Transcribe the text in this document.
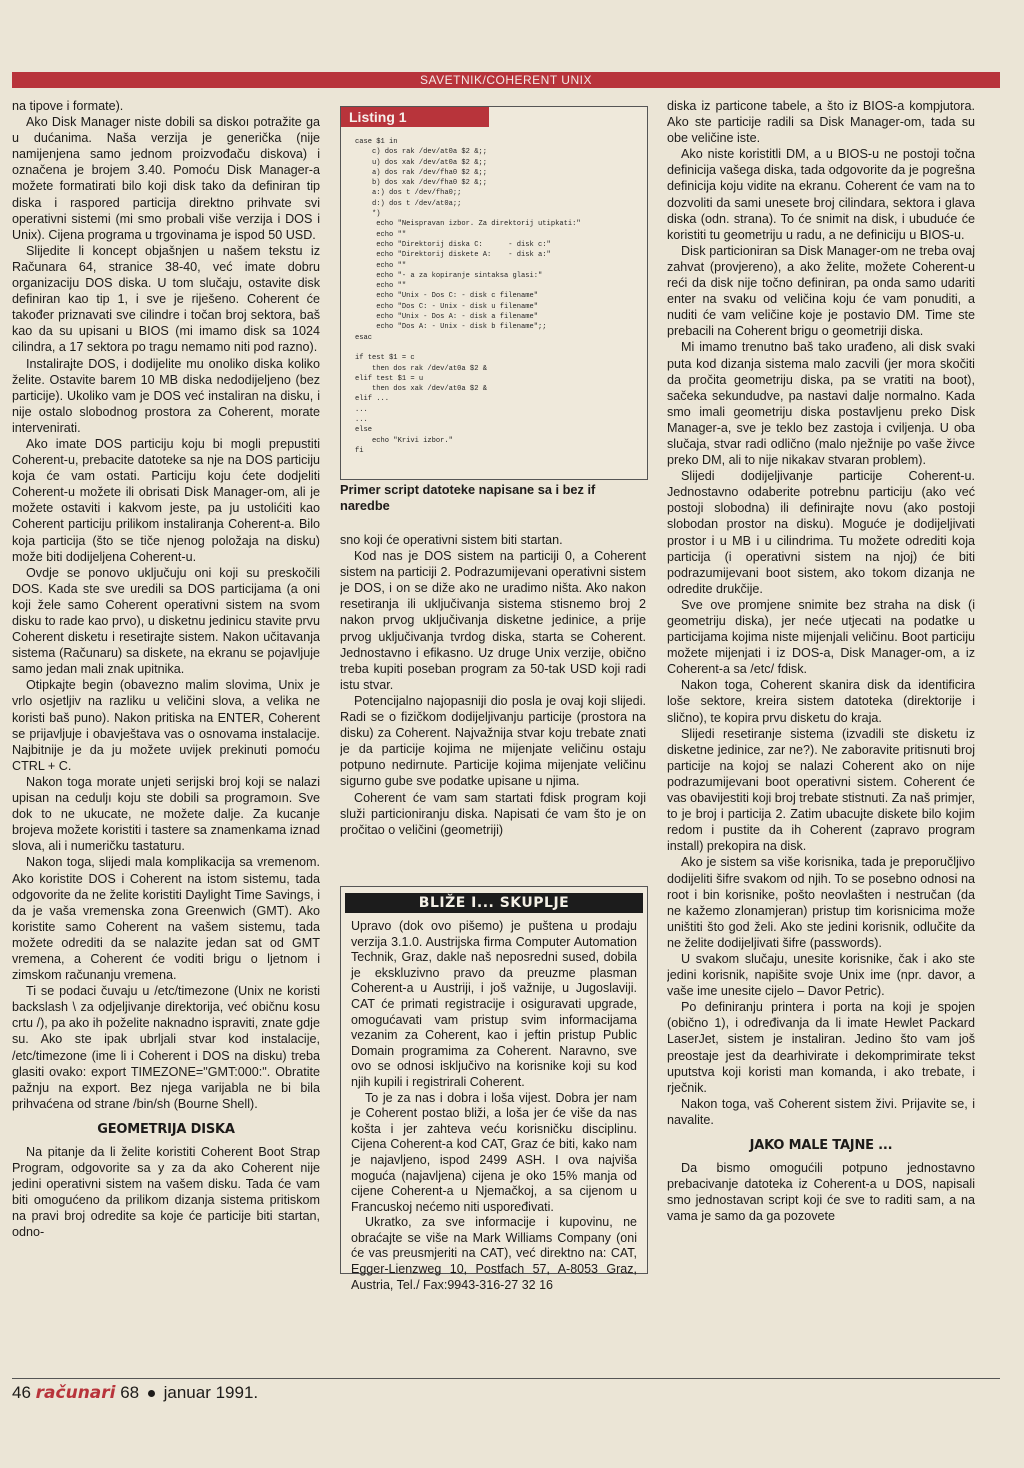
SAVETNIK/COHERENT UNIX

na tipove i formate).

Ako Disk Manager niste dobili sa diskoı potražite ga u dućanima. Naša verzija je generička (nije namijenjena samo jednom proizvođaču diskova) i označena je brojem 3.40. Pomoću Disk Manager-a možete formatirati bilo koji disk tako da definiran tip diska i raspored particija direktno prihvate svi operativni sistemi (mi smo probali više verzija i DOS i Unix). Cijena programa u trgovinama je ispod 50 USD.

Slijedite li koncept objašnjen u našem tekstu iz Računara 64, stranice 38-40, već imate dobru organizaciju DOS diska. U tom slučaju, ostavite disk definiran kao tip 1, i sve je riješeno. Coherent će također priznavati sve cilindre i točan broj sektora, baš kao da su upisani u BIOS (mi imamo disk sa 1024 cilindra, a 17 sektora po tragu nemamo niti pod razno).

Instalirajte DOS, i dodijelite mu onoliko diska koliko želite. Ostavite barem 10 MB diska nedodijeljeno (bez particije). Ukoliko vam je DOS već instaliran na disku, i nije ostalo slobodnog prostora za Coherent, morate intervenirati.

Ako imate DOS particiju koju bi mogli prepustiti Coherent-u, prebacite datoteke sa nje na DOS particiju koja će vam ostati. Particiju koju ćete dodjeliti Coherent-u možete ili obrisati Disk Manager-om, ali je možete ostaviti i kakvom jeste, pa ju ustolićiti kao Coherent particiju prilikom instaliranja Coherent-a. Bilo koja particija (što se tiče njenog položaja na disku) može biti dodijeljena Coherent-u.

Ovdje se ponovo uključuju oni koji su preskočili DOS. Kada ste sve uredili sa DOS particijama (a oni koji žele samo Coherent operativni sistem na svom disku to rade kao prvo), u disketnu jedinicu stavite prvu Coherent disketu i resetirajte sistem. Nakon učitavanja sistema (Računaru) sa diskete, na ekranu se pojavljuje samo jedan mali znak upitnika.

Otipkajte begin (obavezno malim slovima, Unix je vrlo osjetljiv na razliku u veličini slova, a velika ne koristi baš puno). Nakon pritiska na ENTER, Coherent se prijavljuje i obavještava vas o osnovama instalacije. Najbitnije je da ju možete uvijek prekinuti pomoću CTRL + C.

Nakon toga morate unjeti serijski broj koji se nalazi upisan na ceduljı koju ste dobili sa programoın. Sve dok to ne ukucate, ne možete dalje. Za kucanje brojeva možete koristiti i tastere sa znamenkama iznad slova, ali i numeričku tastaturu.

Nakon toga, slijedi mala komplikacija sa vremenom. Ako koristite DOS i Coherent na istom sistemu, tada odgovorite da ne želite koristiti Daylight Time Savings, i da je vaša vremenska zona Greenwich (GMT). Ako koristite samo Coherent na vašem sistemu, tada možete odrediti da se nalazite jedan sat od GMT vremena, a Coherent će voditi brigu o ljetnom i zimskom računanju vremena.

Ti se podaci čuvaju u /etc/timezone (Unix ne koristi backslash \ za odjeljivanje direktorija, već običnu kosu crtu /), pa ako ih poželite naknadno ispraviti, znate gdje su. Ako ste ipak ubrljali stvar kod instalacije, /etc/timezone (ime li i Coherent i DOS na disku) treba glasiti ovako: export TIMEZONE="GMT:000:". Obratite pažnju na export. Bez njega varijabla ne bi bila prihvaćena od strane /bin/sh (Bourne Shell).

GEOMETRIJA DISKA

Na pitanje da li želite koristiti Coherent Boot Strap Program, odgovorite sa y za da ako Coherent nije jedini operativni sistem na vašem disku. Tada će vam biti omogućeno da prilikom dizanja sistema pritiskom na pravi broj odredite sa koje će particije biti startan, odno-

Listing 1
case $1 in
c) dos rak /dev/at0a $2 &;;
u) dos xak /dev/at0a $2 &;;
a) dos rak /dev/fha0 $2 &;;
b) dos xak /dev/fha0 $2 &;;
a:) dos t /dev/fha0;;
d:) dos t /dev/at0a;;
*)
echo "Neispravan izbor. Za direktorij utipkati:"
echo ""
echo "Direktorij diska C:      - disk c:"
echo "Direktorij diskete A:    - disk a:"
echo ""
echo "- a za kopiranje sintaksa glasi:"
echo ""
echo "Unix - Dos C: - disk c filename"
echo "Dos C: - Unix - disk u filename"
echo "Unix - Dos A: - disk a filename"
echo "Dos A: - Unix - disk b filename";;
esac

if test $1 = c
then dos rak /dev/at0a $2 &
elif test $1 = u
then dos xak /dev/at0a $2 &
elif ...
...
...
else
echo "Krivi izbor."
fi
Primer script datoteke napisane sa i bez if naredbe

sno koji će operativni sistem biti startan.

Kod nas je DOS sistem na particiji 0, a Coherent sistem na particiji 2. Podrazumijevani operativni sistem je DOS, i on se diže ako ne uradimo ništa. Ako nakon resetiranja ili uključivanja sistema stisnemo broj 2 nakon prvog uključivanja disketne jedinice, a prije prvog uključivanja tvrdog diska, starta se Coherent. Jednostavno i efikasno. Uz druge Unix verzije, obično treba kupiti poseban program za 50-tak USD koji radi istu stvar.

Potencijalno najopasniji dio posla je ovaj koji slijedi. Radi se o fizičkom dodijeljivanju particije (prostora na disku) za Coherent. Najvažnija stvar koju trebate znati je da particije kojima ne mijenjate veličinu ostaju potpuno nedirnute. Particije kojima mijenjate veličinu sigurno gube sve podatke upisane u njima.

Coherent će vam sam startati fdisk program koji služi particioniranju diska. Napisati će vam što je on pročitao o veličini (geometriji)

BLIŽE I... SKUPLJE

Upravo (dok ovo pišemo) je puštena u prodaju verzija 3.1.0. Austrijska firma Computer Automation Technik, Graz, dakle naš neposredni sused, dobila je ekskluzivno pravo da preuzme plasman Coherent-a u Austriji, i još važnije, u Jugoslaviji. CAT će primati registracije i osiguravati upgrade, omogućavati vam pristup svim informacijama vezanim za Coherent, kao i jeftin pristup Public Domain programima za Coherent. Naravno, sve ovo se odnosi isključivo na korisnike koji su kod njih kupili i registrirali Coherent.

To je za nas i dobra i loša vijest. Dobra jer nam je Coherent postao bliži, a loša jer će više da nas košta i jer zahteva veću korisničku disciplinu. Cijena Coherent-a kod CAT, Graz će biti, kako nam je najavljeno, ispod 2499 ASH. I ova najviša moguća (najavljena) cijena je oko 15% manja od cijene Coherent-a u Njemačkoj, a sa cijenom u Francuskoj nećemo niti uspoređivati.

Ukratko, za sve informacije i kupovinu, ne obraćajte se više na Mark Williams Company (oni će vas preusmjeriti na CAT), već direktno na: CAT, Egger-Lienzweg 10, Postfach 57, A-8053 Graz, Austria, Tel./ Fax:9943-316-27 32 16

diska iz particone tabele, a što iz BIOS-a kompjutora. Ako ste particije radili sa Disk Manager-om, tada su obe veličine iste.

Ako niste koristitli DM, a u BIOS-u ne postoji točna definicija vašega diska, tada odgovorite da je pogrešna definicija koju vidite na ekranu. Coherent će vam na to dozvoliti da sami unesete broj cilindara, sektora i glava diska (odn. strana). To će snimit na disk, i ubuduće će koristiti tu geometriju u radu, a ne definiciju u BIOS-u.

Disk particioniran sa Disk Manager-om ne treba ovaj zahvat (provjereno), a ako želite, možete Coherent-u reći da disk nije točno definiran, pa onda samo udariti enter na svaku od veličina koju će vam ponuditi, a nuditi će vam veličine koje je postavio DM. Time ste prebacili na Coherent brigu o geometriji diska.

Mi imamo trenutno baš tako urađeno, ali disk svaki puta kod dizanja sistema malo zacvili (jer mora skočiti da pročita geometriju diska, pa se vratiti na boot), sačeka sekundudve, pa nastavi dalje normalno. Kada smo imali geometriju diska postavljenu preko Disk Manager-a, sve je teklo bez zastoja i cviljenja. U oba slučaja, stvar radi odlično (malo nježnije po vaše živce preko DM, ali to nije nikakav stvaran problem).

Slijedi dodijeljivanje particije Coherent-u. Jednostavno odaberite potrebnu particiju (ako već postoji slobodna) ili definirajte novu (ako postoji slobodan prostor na disku). Moguće je dodijeljivati prostor i u MB i u cilindrima. Tu možete odrediti koja particija (i operativni sistem na njoj) će biti podrazumijevani boot sistem, ako tokom dizanja ne odredite drukčije.

Sve ove promjene snimite bez straha na disk (i geometriju diska), jer neće utjecati na podatke u particijama kojima niste mijenjali veličinu. Boot particiju možete mijenjati i iz DOS-a, Disk Manager-om, a iz Coherent-a sa /etc/ fdisk.

Nakon toga, Coherent skanira disk da identificira loše sektore, kreira sistem datoteka (direktorije i slično), te kopira prvu disketu do kraja.

Slijedi resetiranje sistema (izvadili ste disketu iz disketne jedinice, zar ne?). Ne zaboravite pritisnuti broj particije na kojoj se nalazi Coherent ako on nije podrazumijevani boot operativni sistem. Coherent će vas obavijestiti koji broj trebate stistnuti. Za naš primjer, to je broj i particija 2. Zatim ubacujte diskete bilo kojim redom i pustite da ih Coherent (zapravo program install) prekopira na disk.

Ako je sistem sa više korisnika, tada je preporučljivo dodijeliti šifre svakom od njih. To se posebno odnosi na root i bin korisnike, pošto neovlašten i nestručan (da ne kažemo zlonamjeran) pristup tim korisnicima može uništiti što god želi. Ako ste jedini korisnik, odlučite da ne želite dodijeljivati šifre (passwords).

U svakom slučaju, unesite korisnike, čak i ako ste jedini korisnik, napišite svoje Unix ime (npr. davor, a vaše ime unesite cijelo – Davor Petric).

Po definiranju printera i porta na koji je spojen (obično 1), i određivanja da li imate Hewlet Packard LaserJet, sistem je instaliran. Jedino što vam još preostaje jest da dearhivirate i dekomprimirate tekst uputstva koji koristi man komanda, i ako trebate, i rječnik.

Nakon toga, vaš Coherent sistem živi. Prijavite se, i navalite.

JAKO MALE TAJNE ...

Da bismo omogućili potpuno jednostavno prebacivanje datoteka iz Coherent-a u DOS, napisali smo jednostavan script koji će sve to raditi sam, a na vama je samo da ga pozovete

46 računari 68 januar 1991.
